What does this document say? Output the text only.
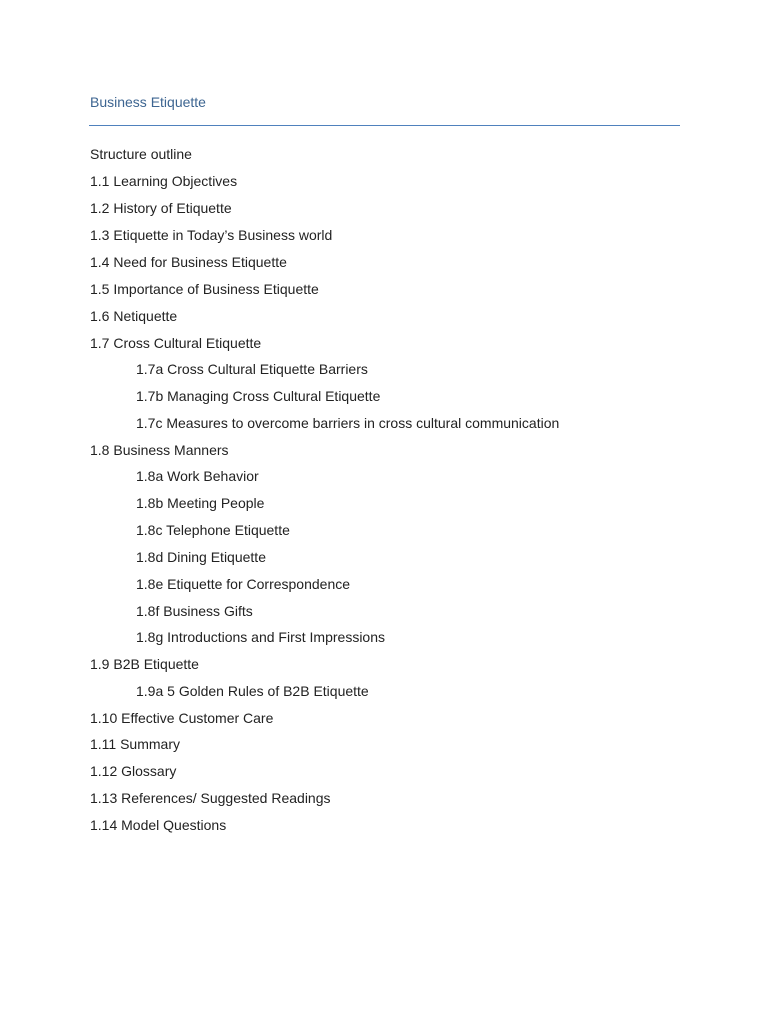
Business Etiquette
Structure outline
1.1 Learning Objectives
1.2 History of Etiquette
1.3 Etiquette in Today’s Business world
1.4 Need for Business Etiquette
1.5 Importance of Business Etiquette
1.6 Netiquette
1.7 Cross Cultural Etiquette
1.7a Cross Cultural Etiquette Barriers
1.7b Managing Cross Cultural Etiquette
1.7c Measures to overcome barriers in cross cultural communication
1.8 Business Manners
1.8a Work Behavior
1.8b Meeting People
1.8c Telephone Etiquette
1.8d Dining Etiquette
1.8e Etiquette for Correspondence
1.8f Business Gifts
1.8g Introductions and First Impressions
1.9 B2B Etiquette
1.9a 5 Golden Rules of B2B Etiquette
1.10 Effective Customer Care
1.11 Summary
1.12 Glossary
1.13 References/ Suggested Readings
1.14 Model Questions
